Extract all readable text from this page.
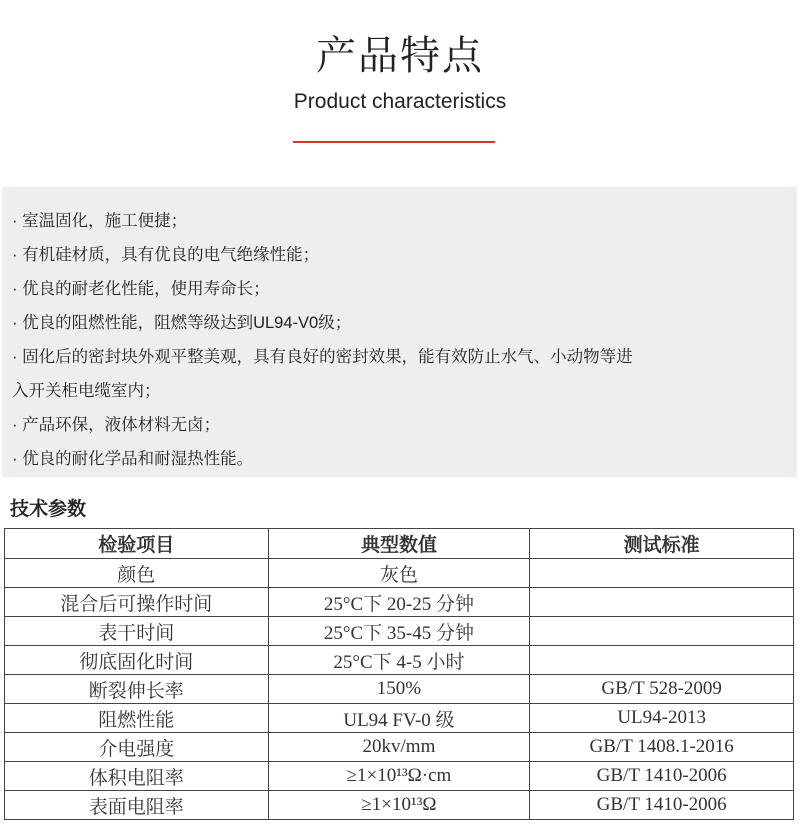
产品特点
Product characteristics
· 室温固化，施工便捷；
· 有机硅材质，具有优良的电气绝缘性能；
· 优良的耐老化性能，使用寿命长；
· 优良的阻燃性能，阻燃等级达到UL94-V0级；
· 固化后的密封块外观平整美观，具有良好的密封效果，能有效防止水气、小动物等进
入开关柜电缆室内；
· 产品环保，液体材料无卤；
· 优良的耐化学品和耐湿热性能。
技术参数
检验项目	典型数值	测试标准
颜色	灰色	
混合后可操作时间	25°C下 20-25 分钟	
表干时间	25°C下 35-45 分钟	
彻底固化时间	25°C下 4-5 小时	
断裂伸长率	150%	GB/T 528-2009
阻燃性能	UL94 FV-0 级	UL94-2013
介电强度	20kv/mm	GB/T 1408.1-2016
体积电阻率	≥1×10¹³Ω·cm	GB/T 1410-2006
表面电阻率	≥1×10¹³Ω	GB/T 1410-2006
